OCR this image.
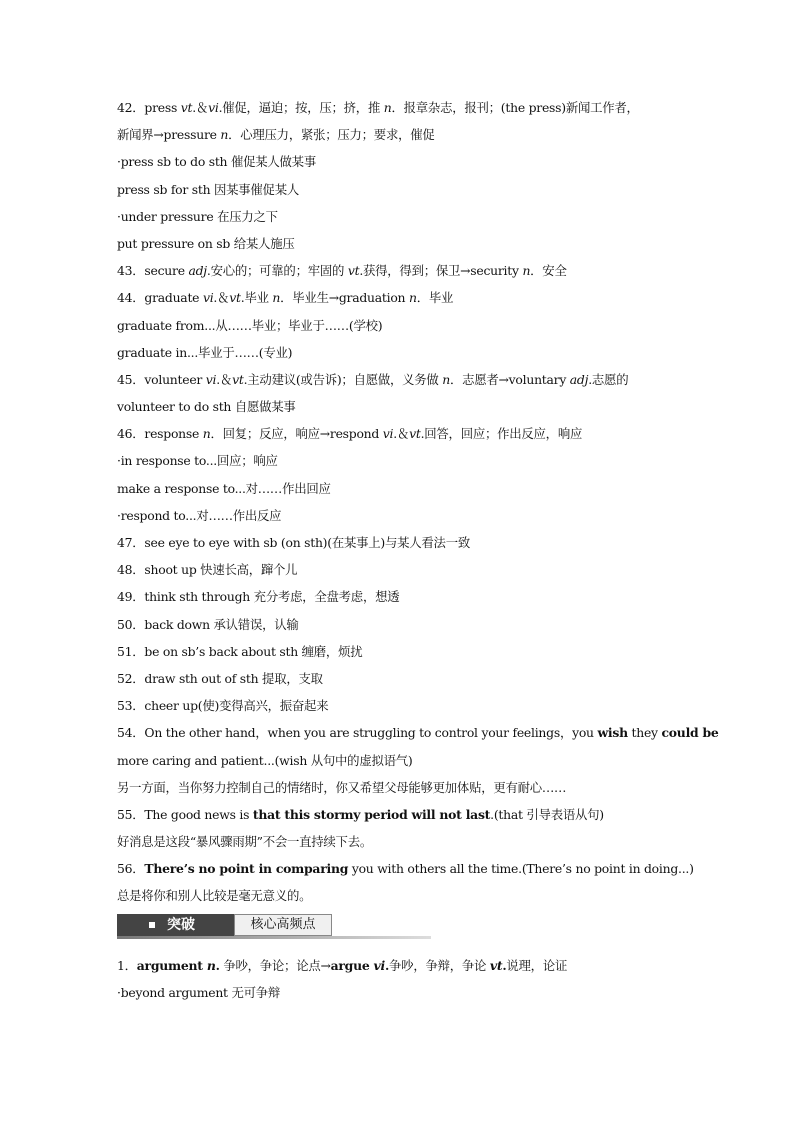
42．press vt.＆vi.催促，逼迫；按，压；挤，推 n．报章杂志，报刊；(the press)新闻工作者，
新闻界→pressure n．心理压力，紧张；压力；要求，催促
·press sb to do sth 催促某人做某事
press sb for sth 因某事催促某人
·under pressure 在压力之下
put pressure on sb 给某人施压
43．secure adj.安心的；可靠的；牢固的 vt.获得，得到；保卫→security n．安全
44．graduate vi.＆vt.毕业 n．毕业生→graduation n．毕业
graduate from...从……毕业；毕业于……(学校)
graduate in...毕业于……(专业)
45．volunteer vi.＆vt.主动建议(或告诉)；自愿做，义务做 n．志愿者→voluntary adj.志愿的
volunteer to do sth 自愿做某事
46．response n．回复；反应，响应→respond vi.＆vt.回答，回应；作出反应，响应
·in response to...回应；响应
make a response to...对……作出回应
·respond to...对……作出反应
47．see eye to eye with sb (on sth)(在某事上)与某人看法一致
48．shoot up 快速长高，蹿个儿
49．think sth through 充分考虑，全盘考虑，想透
50．back down 承认错误，认输
51．be on sb’s back about sth 缠磨，烦扰
52．draw sth out of sth 提取，支取
53．cheer up(使)变得高兴，振奋起来
54．On the other hand，when you are struggling to control your feelings，you wish they could be
more caring and patient...(wish 从句中的虚拟语气)
另一方面，当你努力控制自己的情绪时，你又希望父母能够更加体贴，更有耐心……
55．The good news is that this stormy period will not last.(that 引导表语从句)
好消息是这段“暴风骤雨期”不会一直持续下去。
56．There’s no point in comparing you with others all the time.(There’s no point in doing...)
总是将你和别人比较是毫无意义的。
突破	核心高频点
1．argument n. 争吵，争论；论点→argue vi.争吵，争辩，争论 vt.说理，论证
·beyond argument 无可争辩
